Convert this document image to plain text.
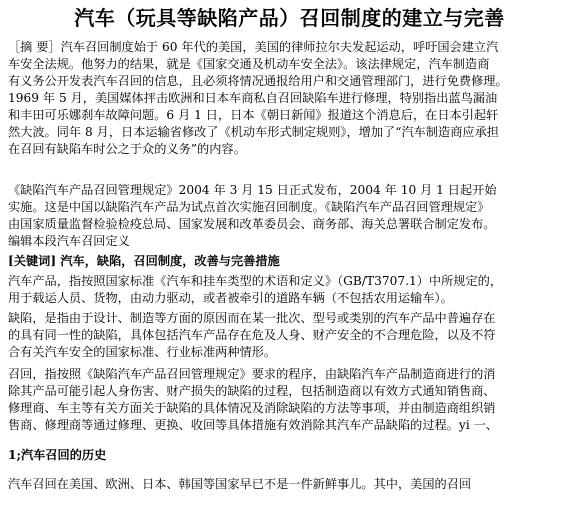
汽车（玩具等缺陷产品）召回制度的建立与完善
［摘 要］汽车召回制度始于 60 年代的美国，美国的律师拉尔夫发起运动，呼吁国会建立汽
车安全法规。他努力的结果，就是《国家交通及机动车安全法》。该法律规定，汽车制造商
有义务公开发表汽车召回的信息，且必须将情况通报给用户和交通管理部门，进行免费修理。
1969 年 5 月，美国媒体抨击欧洲和日本车商私自召回缺陷车进行修理，特别指出蓝鸟漏油
和丰田可乐娜刹车故障问题。6 月 1 日，日本《朝日新闻》报道这个消息后，在日本引起轩
然大波。同年 8 月，日本运输省修改了《机动车形式制定规则》，增加了“汽车制造商应承担
在召回有缺陷车时公之于众的义务”的内容。
《缺陷汽车产品召回管理规定》2004 年 3 月 15 日正式发布，2004 年 10 月 1 日起开始
实施。这是中国以缺陷汽车产品为试点首次实施召回制度。《缺陷汽车产品召回管理规定》
由国家质量监督检验检疫总局、国家发展和改革委员会、商务部、海关总署联合制定发布。
编辑本段汽车召回定义
[关键词] 汽车，缺陷，召回制度，改善与完善措施
汽车产品，指按照国家标准《汽车和挂车类型的术语和定义》（GB/T3707.1）中所规定的，
用于载运人员、货物，由动力驱动，或者被牵引的道路车辆（不包括农用运输车）。
缺陷，是指由于设计、制造等方面的原因而在某一批次、型号或类别的汽车产品中普遍存在
的具有同一性的缺陷，具体包括汽车产品存在危及人身、财产安全的不合理危险，以及不符
合有关汽车安全的国家标准、行业标准两种情形。
召回，指按照《缺陷汽车产品召回管理规定》要求的程序，由缺陷汽车产品制造商进行的消
除其产品可能引起人身伤害、财产损失的缺陷的过程，包括制造商以有效方式通知销售商、
修理商、车主等有关方面关于缺陷的具体情况及消除缺陷的方法等事项，并由制造商组织销
售商、修理商等通过修理、更换、收回等具体措施有效消除其汽车产品缺陷的过程。yi 一、
1;汽车召回的历史
汽车召回在美国、欧洲、日本、韩国等国家早已不是一件新鲜事儿。其中，美国的召回
